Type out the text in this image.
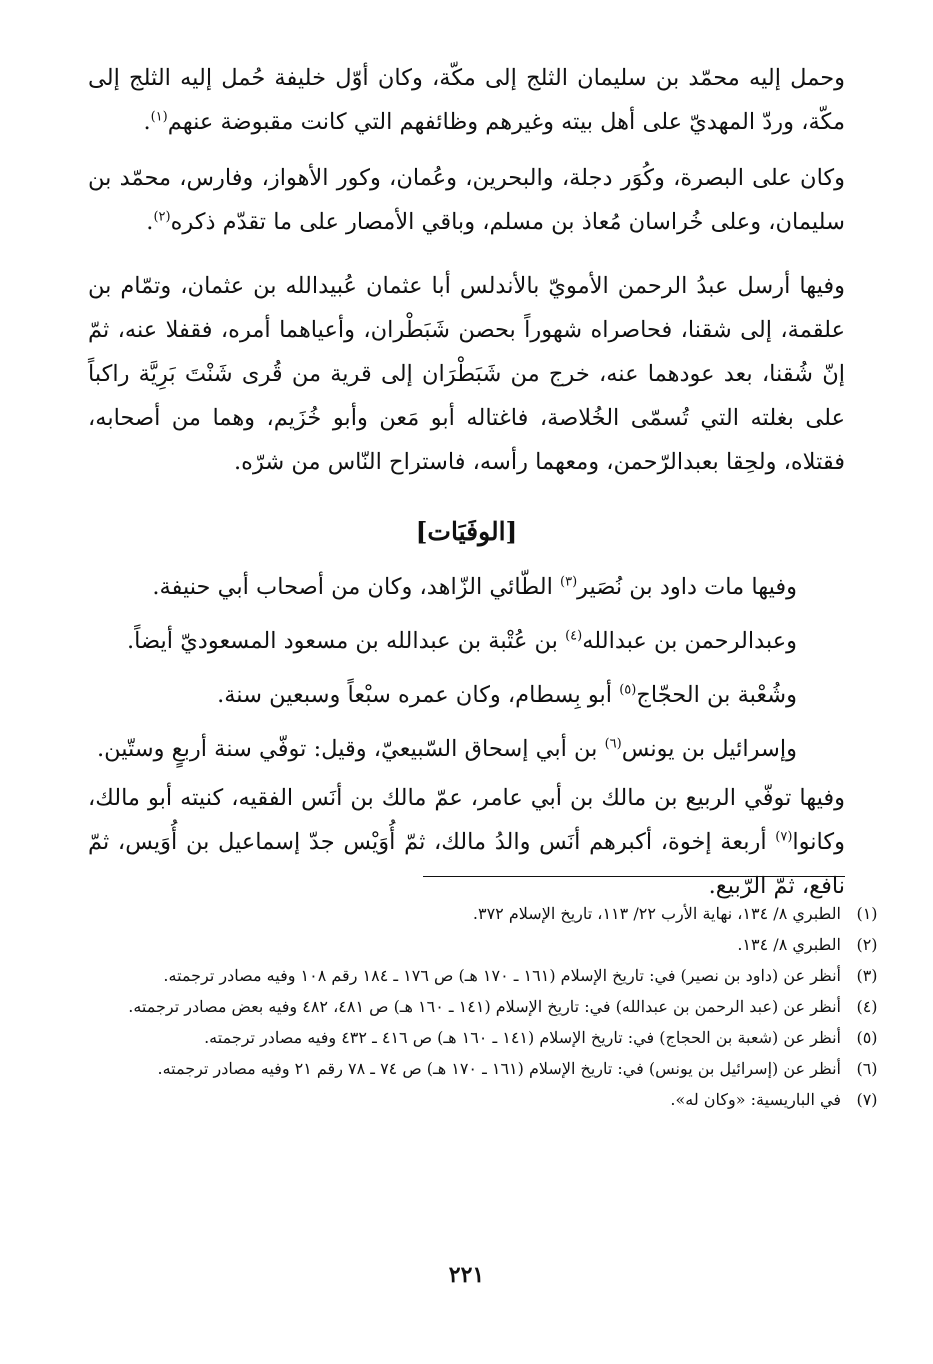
وحمل إليه محمّد بن سليمان الثلج إلى مكّة، وكان أوّل خليفة حُمل إليه الثلج إلى مكّة، وردّ المهديّ على أهل بيته وغيرهم وظائفهم التي كانت مقبوضة عنهم$^{(١)}$.

وكان على البصرة، وكُوَر دجلة، والبحرين، وعُمان، وكور الأهواز، وفارس، محمّد بن سليمان، وعلى خُراسان مُعاذ بن مسلم، وباقي الأمصار على ما تقدّم ذكره$^{(٢)}$.

وفيها أرسل عبدُ الرحمن الأمويّ بالأندلس أبا عثمان عُبيدالله بن عثمان، وتمّام بن علقمة، إلى شقنا، فحاصراه شهوراً بحصن شَبَطْران، وأعياهما أمره، فقفلا عنه، ثمّ إنّ شُقنا، بعد عودهما عنه، خرج من شَبَطْرَان إلى قرية من قُرى شَنْتَ بَرِيَّة راكباً على بغلته التي تُسمّى الخُلاصة، فاغتاله أبو مَعن وأبو خُزَيم، وهما من أصحابه، فقتلاه، ولحِقا بعبدالرّحمن، ومعهما رأسه، فاستراح النّاس من شرّه.

[الوفَيَات]

وفيها مات داود بن نُصَير$^{(٣)}$ الطّائي الزّاهد، وكان من أصحاب أبي حنيفة.

وعبدالرحمن بن عبدالله$^{(٤)}$ بن عُتْبة بن عبدالله بن مسعود المسعوديّ أيضاً.

وشُعْبة بن الحجّاج$^{(٥)}$ أبو بِسطام، وكان عمره سبْعاً وسبعين سنة.

وإسرائيل بن يونس$^{(٦)}$ بن أبي إسحاق السّبيعيّ، وقيل: توفّي سنة أربعٍ وستّين.

وفيها توفّي الربيع بن مالك بن أبي عامر، عمّ مالك بن أنَس الفقيه، كنيته أبو مالك، وكانوا$^{(٧)}$ أربعة إخوة، أكبرهم أنَس والدُ مالك، ثمّ أُوَيْس جدّ إسماعيل بن أُوَيس، ثمّ نافع، ثمّ الرّبيع.

(١)
الطبري ٨/ ١٣٤، نهاية الأرب ٢٢/ ١١٣، تاريخ الإسلام ٣٧٢.
(٢)
الطبري ٨/ ١٣٤.
(٣)
أنظر عن (داود بن نصير) في: تاريخ الإسلام (١٦١ ـ ١٧٠ هـ) ص ١٧٦ ـ ١٨٤ رقم ١٠٨ وفيه مصادر ترجمته.
(٤)
أنظر عن (عبد الرحمن بن عبدالله) في: تاريخ الإسلام (١٤١ ـ ١٦٠ هـ) ص ٤٨١، ٤٨٢ وفيه بعض مصادر ترجمته.
(٥)
أنظر عن (شعبة بن الحجاج) في: تاريخ الإسلام (١٤١ ـ ١٦٠ هـ) ص ٤١٦ ـ ٤٣٢ وفيه مصادر ترجمته.
(٦)
أنظر عن (إسرائيل بن يونس) في: تاريخ الإسلام (١٦١ ـ ١٧٠ هـ) ص ٧٤ ـ ٧٨ رقم ٢١ وفيه مصادر ترجمته.
(٧)
في الباريسية: «وكان له».
٢٢١
